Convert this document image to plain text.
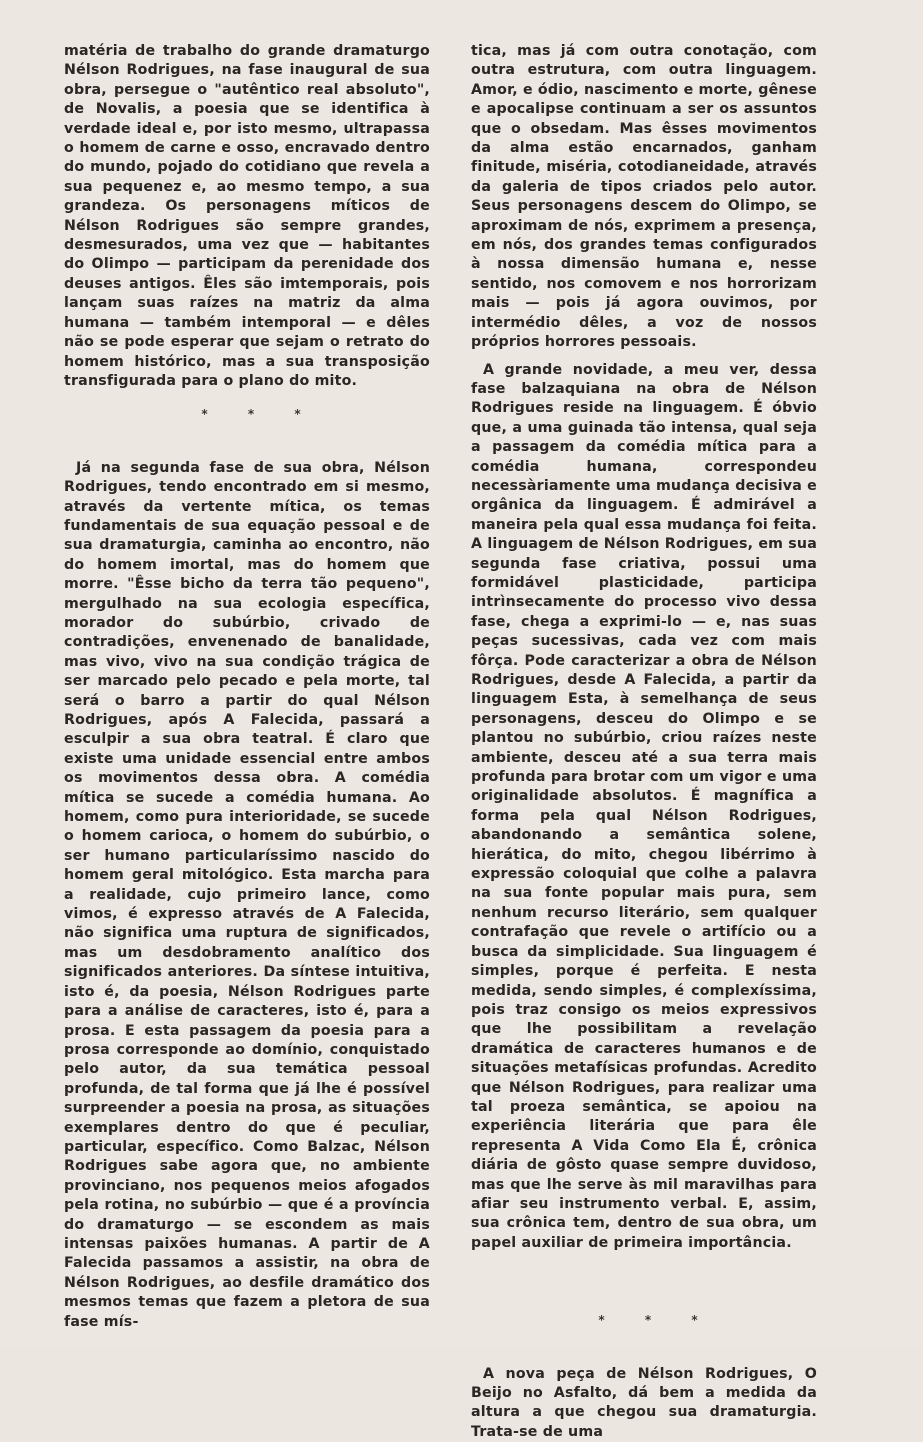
matéria de trabalho do grande dramaturgo Nélson Rodrigues, na fase inaugural de sua obra, persegue o "autêntico real absoluto", de Novalis, a poesia que se identifica à verdade ideal e, por isto mesmo, ultrapassa o homem de carne e osso, encravado dentro do mundo, pojado do cotidiano que revela a sua pequenez e, ao mesmo tempo, a sua grandeza. Os personagens míticos de Nélson Rodrigues são sempre grandes, desmesurados, uma vez que — habitantes do Olimpo — participam da perenidade dos deuses antigos. Êles são imtemporais, pois lançam suas raízes na matriz da alma humana — também intemporal — e dêles não se pode esperar que sejam o retrato do homem histórico, mas a sua transposição transfigurada para o plano do mito.

* * *

Já na segunda fase de sua obra, Nélson Rodrigues, tendo encontrado em si mesmo, através da vertente mítica, os temas fundamentais de sua equação pessoal e de sua dramaturgia, caminha ao encontro, não do homem imortal, mas do homem que morre. "Êsse bicho da terra tão pequeno", mergulhado na sua ecologia específica, morador do subúrbio, crivado de contradições, envenenado de banalidade, mas vivo, vivo na sua condição trágica de ser marcado pelo pecado e pela morte, tal será o barro a partir do qual Nélson Rodrigues, após A Falecida, passará a esculpir a sua obra teatral. É claro que existe uma unidade essencial entre ambos os movimentos dessa obra. A comédia mítica se sucede a comédia humana. Ao homem, como pura interioridade, se sucede o homem carioca, o homem do subúrbio, o ser humano particularíssimo nascido do homem geral mitológico. Esta marcha para a realidade, cujo primeiro lance, como vimos, é expresso através de A Falecida, não significa uma ruptura de significados, mas um desdobramento analítico dos significados anteriores. Da síntese intuitiva, isto é, da poesia, Nélson Rodrigues parte para a análise de caracteres, isto é, para a prosa. E esta passagem da poesia para a prosa corresponde ao domínio, conquistado pelo autor, da sua temática pessoal profunda, de tal forma que já lhe é possível surpreender a poesia na prosa, as situações exemplares dentro do que é peculiar, particular, específico. Como Balzac, Nélson Rodrigues sabe agora que, no ambiente provinciano, nos pequenos meios afogados pela rotina, no subúrbio — que é a província do dramaturgo — se escondem as mais intensas paixões humanas. A partir de A Falecida passamos a assistir, na obra de Nélson Rodrigues, ao desfile dramático dos mesmos temas que fazem a pletora de sua fase mís-

tica, mas já com outra conotação, com outra estrutura, com outra linguagem. Amor, e ódio, nascimento e morte, gênese e apocalipse continuam a ser os assuntos que o obsedam. Mas êsses movimentos da alma estão encarnados, ganham finitude, miséria, cotodianeidade, através da galeria de tipos criados pelo autor. Seus personagens descem do Olimpo, se aproximam de nós, exprimem a presença, em nós, dos grandes temas configurados à nossa dimensão humana e, nesse sentido, nos comovem e nos horrorizam mais — pois já agora ouvimos, por intermédio dêles, a voz de nossos próprios horrores pessoais.

A grande novidade, a meu ver, dessa fase balzaquiana na obra de Nélson Rodrigues reside na linguagem. É óbvio que, a uma guinada tão intensa, qual seja a passagem da comédia mítica para a comédia humana, correspondeu necessàriamente uma mudança decisiva e orgânica da linguagem. É admirável a maneira pela qual essa mudança foi feita. A linguagem de Nélson Rodrigues, em sua segunda fase criativa, possui uma formidável plasticidade, participa intrìnsecamente do processo vivo dessa fase, chega a exprimi-lo — e, nas suas peças sucessivas, cada vez com mais fôrça. Pode caracterizar a obra de Nélson Rodrigues, desde A Falecida, a partir da linguagem Esta, à semelhança de seus personagens, desceu do Olimpo e se plantou no subúrbio, criou raízes neste ambiente, desceu até a sua terra mais profunda para brotar com um vigor e uma originalidade absolutos. É magnífica a forma pela qual Nélson Rodrigues, abandonando a semântica solene, hierática, do mito, chegou libérrimo à expressão coloquial que colhe a palavra na sua fonte popular mais pura, sem nenhum recurso literário, sem qualquer contrafação que revele o artifício ou a busca da simplicidade. Sua linguagem é simples, porque é perfeita. E nesta medida, sendo simples, é complexíssima, pois traz consigo os meios expressivos que lhe possibilitam a revelação dramática de caracteres humanos e de situações metafísicas profundas. Acredito que Nélson Rodrigues, para realizar uma tal proeza semântica, se apoiou na experiência literária que para êle representa A Vida Como Ela É, crônica diária de gôsto quase sempre duvidoso, mas que lhe serve às mil maravilhas para afiar seu instrumento verbal. E, assim, sua crônica tem, dentro de sua obra, um papel auxiliar de primeira importância.

* * *

A nova peça de Nélson Rodrigues, O Beijo no Asfalto, dá bem a medida da altura a que chegou sua dramaturgia. Trata-se de uma
